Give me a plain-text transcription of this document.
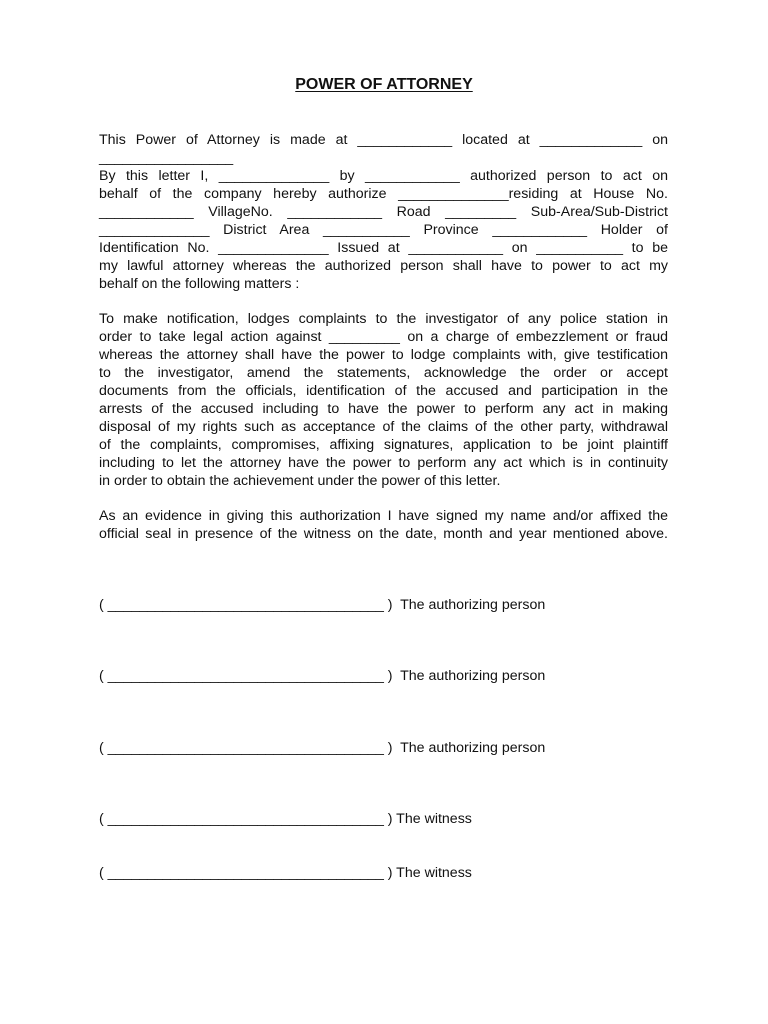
POWER OF ATTORNEY
This Power of Attorney is made at ____________ located at _____________ on
_________________
By this letter I, ______________ by ____________ authorized person to act on
behalf of the company hereby authorize ______________residing at House No.
____________ VillageNo. ____________ Road _________ Sub-Area/Sub-District
______________ District Area ___________ Province ____________ Holder of
Identification No. ______________ Issued at ____________ on ___________ to be
my lawful attorney whereas the authorized person shall have to power to act my
behalf on the following matters :
To make notification, lodges complaints to the investigator of any police station in
order to take legal action against _________ on a charge of embezzlement or fraud
whereas the attorney shall have the power to lodge complaints with, give testification
to the investigator, amend the statements, acknowledge the order or accept
documents from the officials, identification of the accused and participation in the
arrests of the accused including to have the power to perform any act in making
disposal of my rights such as acceptance of the claims of the other party, withdrawal
of the complaints, compromises, affixing signatures, application to be joint plaintiff
including to let the attorney have the power to perform any act which is in continuity
in order to obtain the achievement under the power of this letter.
As an evidence in giving this authorization I have signed my name and/or affixed the
official seal in presence of the witness on the date, month and year mentioned above.
( ___________________________________ )  The authorizing person
( ___________________________________ )  The authorizing person
( ___________________________________ )  The authorizing person
( ___________________________________ ) The witness
( ___________________________________ ) The witness
